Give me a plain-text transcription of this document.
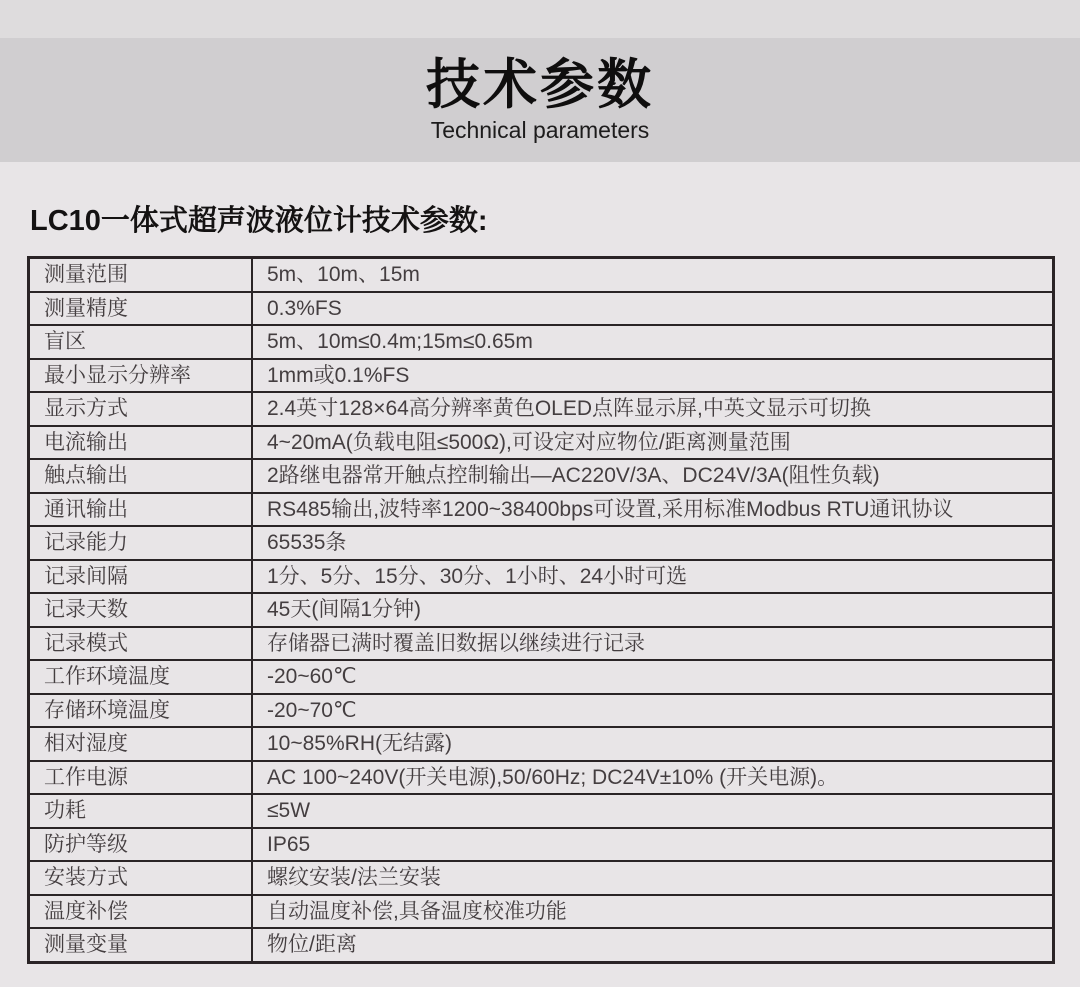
技术参数
Technical parameters
LC10一体式超声波液位计技术参数:
测量范围	5m、10m、15m
测量精度	0.3%FS
盲区	5m、10m≤0.4m;15m≤0.65m
最小显示分辨率	1mm或0.1%FS
显示方式	2.4英寸128×64高分辨率黄色OLED点阵显示屏,中英文显示可切换
电流输出	4~20mA(负载电阻≤500Ω),可设定对应物位/距离测量范围
触点输出	2路继电器常开触点控制输出—AC220V/3A、DC24V/3A(阻性负载)
通讯输出	RS485输出,波特率1200~38400bps可设置,采用标准Modbus RTU通讯协议
记录能力	65535条
记录间隔	1分、5分、15分、30分、1小时、24小时可选
记录天数	45天(间隔1分钟)
记录模式	存储器已满时覆盖旧数据以继续进行记录
工作环境温度	-20~60℃
存储环境温度	-20~70℃
相对湿度	10~85%RH(无结露)
工作电源	AC 100~240V(开关电源),50/60Hz; DC24V±10% (开关电源)。
功耗	≤5W
防护等级	IP65
安装方式	螺纹安装/法兰安装
温度补偿	自动温度补偿,具备温度校准功能
测量变量	物位/距离
